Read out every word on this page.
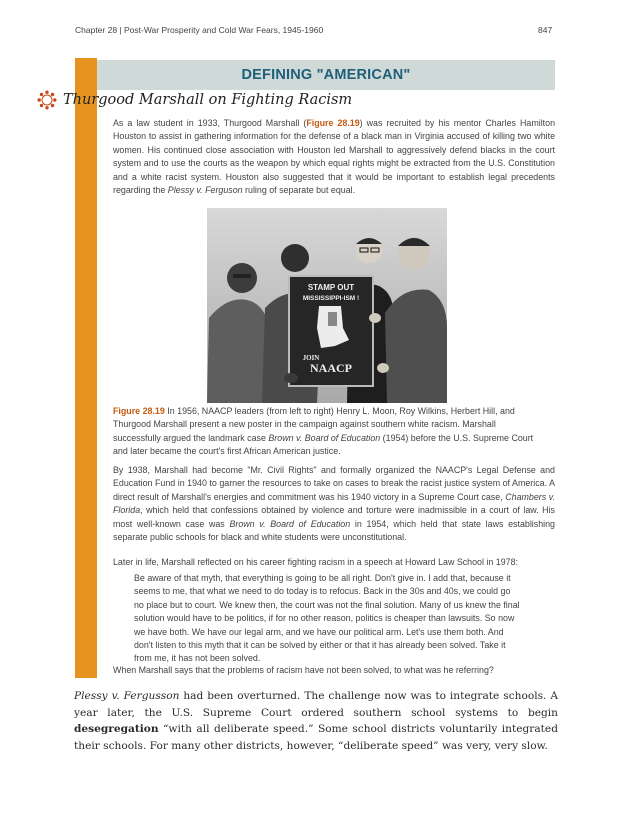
Chapter 28 | Post-War Prosperity and Cold War Fears, 1945-1960	847
DEFINING "AMERICAN"
Thurgood Marshall on Fighting Racism
As a law student in 1933, Thurgood Marshall (Figure 28.19) was recruited by his mentor Charles Hamilton Houston to assist in gathering information for the defense of a black man in Virginia accused of killing two white women. His continued close association with Houston led Marshall to aggressively defend blacks in the court system and to use the courts as the weapon by which equal rights might be extracted from the U.S. Constitution and a white racist system. Houston also suggested that it would be important to establish legal precedents regarding the Plessy v. Ferguson ruling of separate but equal.
STAMP OUT
MISSISSIPPI-ISM !
JOIN
NAACP
Figure 28.19 In 1956, NAACP leaders (from left to right) Henry L. Moon, Roy Wilkins, Herbert Hill, and Thurgood Marshall present a new poster in the campaign against southern white racism. Marshall successfully argued the landmark case Brown v. Board of Education (1954) before the U.S. Supreme Court and later became the court's first African American justice.
By 1938, Marshall had become "Mr. Civil Rights" and formally organized the NAACP's Legal Defense and Education Fund in 1940 to garner the resources to take on cases to break the racist justice system of America. A direct result of Marshall's energies and commitment was his 1940 victory in a Supreme Court case, Chambers v. Florida, which held that confessions obtained by violence and torture were inadmissible in a court of law. His most well-known case was Brown v. Board of Education in 1954, which held that state laws establishing separate public schools for black and white students were unconstitutional.
Later in life, Marshall reflected on his career fighting racism in a speech at Howard Law School in 1978:
Be aware of that myth, that everything is going to be all right. Don't give in. I add that, because it seems to me, that what we need to do today is to refocus. Back in the 30s and 40s, we could go no place but to court. We knew then, the court was not the final solution. Many of us knew the final solution would have to be politics, if for no other reason, politics is cheaper than lawsuits. So now we have both. We have our legal arm, and we have our political arm. Let's use them both. And don't listen to this myth that it can be solved by either or that it has already been solved. Take it from me, it has not been solved.
When Marshall says that the problems of racism have not been solved, to what was he referring?
Plessy v. Fergusson had been overturned. The challenge now was to integrate schools. A year later, the U.S. Supreme Court ordered southern school systems to begin desegregation “with all deliberate speed.” Some school districts voluntarily integrated their schools. For many other districts, however, “deliberate speed” was very, very slow.
